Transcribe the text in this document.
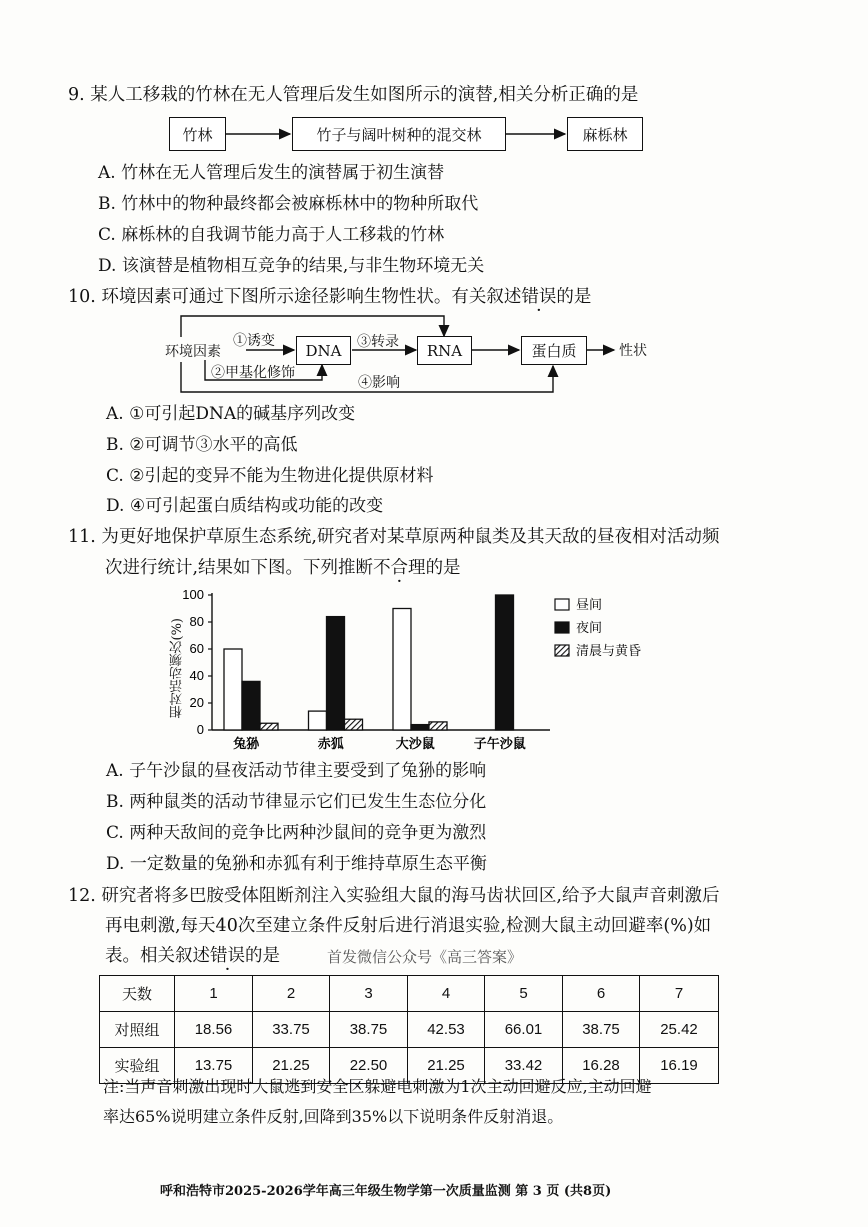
9. 某人工移栽的竹林在无人管理后发生如图所示的演替,相关分析正确的是
竹林	竹子与阔叶树种的混交林	麻栎林
A. 竹林在无人管理后发生的演替属于初生演替
B. 竹林中的物种最终都会被麻栎林中的物种所取代
C. 麻栎林的自我调节能力高于人工移栽的竹林
D. 该演替是植物相互竞争的结果,与非生物环境无关
10. 环境因素可通过下图所示途径影响生物性状。有关叙述错误的是
环境因素	DNA	RNA	蛋白质	性状
①诱变
②甲基化修饰
③转录
④影响
A. ①可引起DNA的碱基序列改变
B. ②可调节③水平的高低
C. ②引起的变异不能为生物进化提供原材料
D. ④可引起蛋白质结构或功能的改变
11. 为更好地保护草原生态系统,研究者对某草原两种鼠类及其天敌的昼夜相对活动频
次进行统计,结果如下图。下列推断不合理的是
0
20
40
60
80
100
兔狲	赤狐	大沙鼠	子午沙鼠
昼间
夜间
清晨与黄昏
相对活动频次(%)
A. 子午沙鼠的昼夜活动节律主要受到了兔狲的影响
B. 两种鼠类的活动节律显示它们已发生生态位分化
C. 两种天敌间的竞争比两种沙鼠间的竞争更为激烈
D. 一定数量的兔狲和赤狐有利于维持草原生态平衡
12. 研究者将多巴胺受体阻断剂注入实验组大鼠的海马齿状回区,给予大鼠声音刺激后
再电刺激,每天40次至建立条件反射后进行消退实验,检测大鼠主动回避率(%)如
表。相关叙述错误的是	首发微信公众号《高三答案》
天数	1	2	3	4	5	6	7
对照组	18.56	33.75	38.75	42.53	66.01	38.75	25.42
实验组	13.75	21.25	22.50	21.25	33.42	16.28	16.19
注:当声音刺激出现时大鼠逃到安全区躲避电刺激为1次主动回避反应,主动回避
率达65%说明建立条件反射,回降到35%以下说明条件反射消退。
呼和浩特市2025-2026学年高三年级生物学第一次质量监测 第 3 页 (共8页)
